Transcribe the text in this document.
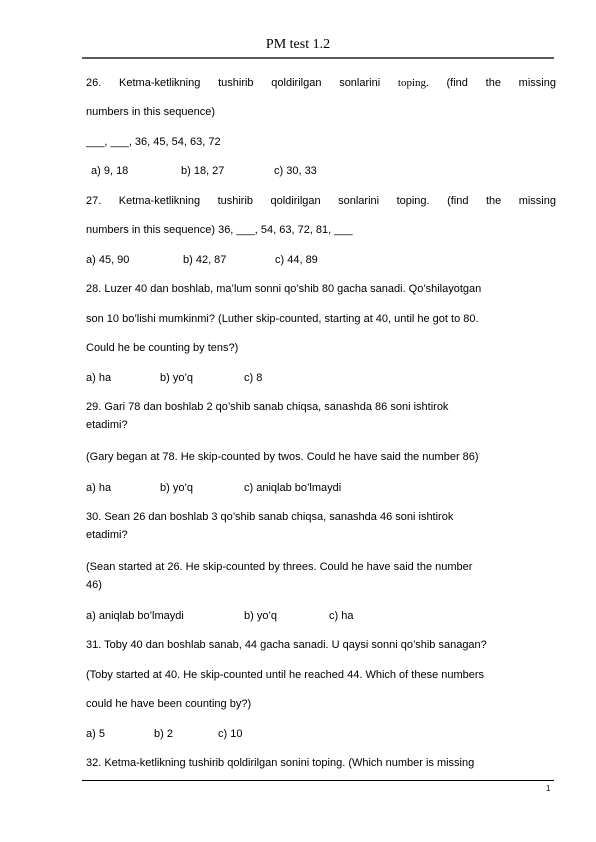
PM test 1.2
26. Ketma-ketlikning tushirib qoldirilgan sonlarini toping. (find the missing
numbers in this sequence)
___, ___, 36, 45, 54, 63, 72
a) 9, 18	b) 18, 27	c) 30, 33
27. Ketma-ketlikning tushirib qoldirilgan sonlarini toping. (find the missing
numbers in this sequence) 36, ___, 54, 63, 72, 81, ___
a) 45, 90	b) 42, 87	c) 44, 89
28. Luzer 40 dan boshlab, ma’lum sonni qo’shib 80 gacha sanadi. Qo’shilayotgan
son 10 bo’lishi mumkinmi? (Luther skip-counted, starting at 40, until he got to 80.
Could he be counting by tens?)
a) ha	b) yo’q	c) 8
29. Gari 78 dan boshlab 2 qo’shib sanab chiqsa, sanashda 86 soni ishtirok
etadimi?
(Gary began at 78. He skip-counted by twos. Could he have said the number 86)
a) ha	b) yo’q	c) aniqlab bo’lmaydi
30. Sean 26 dan boshlab 3 qo’shib sanab chiqsa, sanashda 46 soni ishtirok
etadimi?
(Sean started at 26. He skip-counted by threes. Could he have said the number
46)
a) aniqlab bo’lmaydi	b) yo’q	c) ha
31. Toby 40 dan boshlab sanab, 44 gacha sanadi. U qaysi sonni qo’shib sanagan?
(Toby started at 40. He skip-counted until he reached 44. Which of these numbers
could he have been counting by?)
a) 5	b) 2	c) 10
32. Ketma-ketlikning tushirib qoldirilgan sonini toping. (Which number is missing
1
